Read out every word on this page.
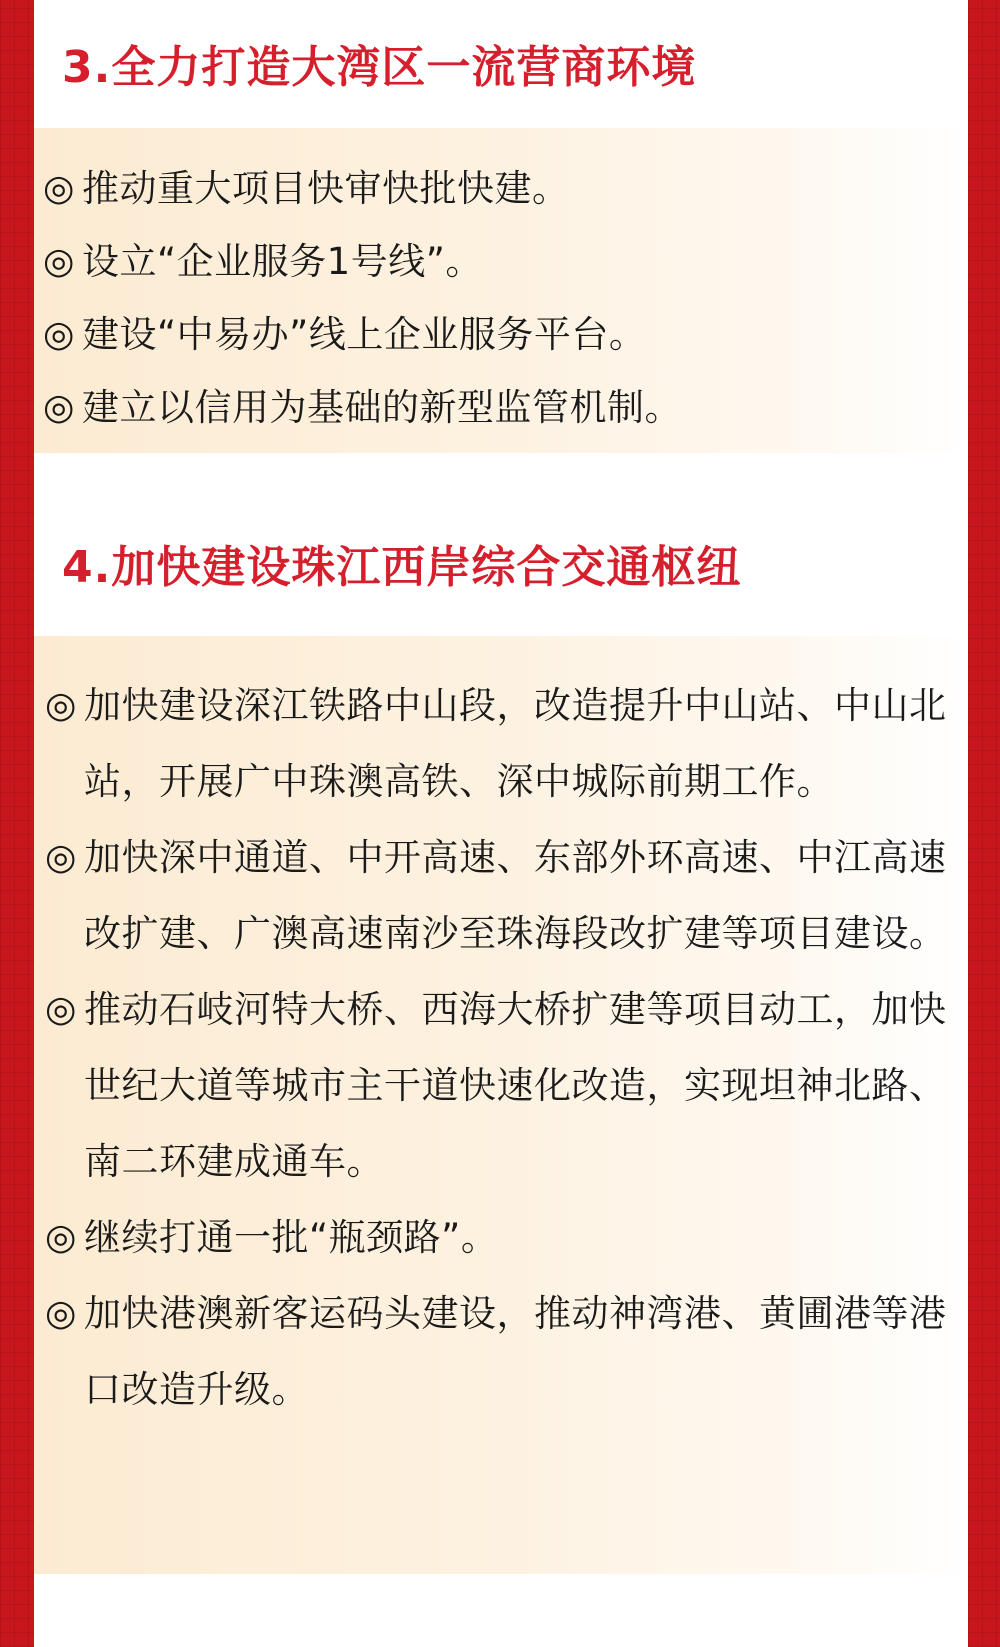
3.全力打造大湾区一流营商环境
◎ 推动重大项目快审快批快建。
◎ 设立“企业服务1号线”。
◎ 建设“中易办”线上企业服务平台。
◎ 建立以信用为基础的新型监管机制。
4.加快建设珠江西岸综合交通枢纽
◎ 加快建设深江铁路中山段，改造提升中山站、中山北站，开展广中珠澳高铁、深中城际前期工作。
◎ 加快深中通道、中开高速、东部外环高速、中江高速改扩建、广澳高速南沙至珠海段改扩建等项目建设。
◎ 推动石岐河特大桥、西海大桥扩建等项目动工，加快世纪大道等城市主干道快速化改造，实现坦神北路、南二环建成通车。
◎ 继续打通一批“瓶颈路”。
◎ 加快港澳新客运码头建设，推动神湾港、黄圃港等港口改造升级。
